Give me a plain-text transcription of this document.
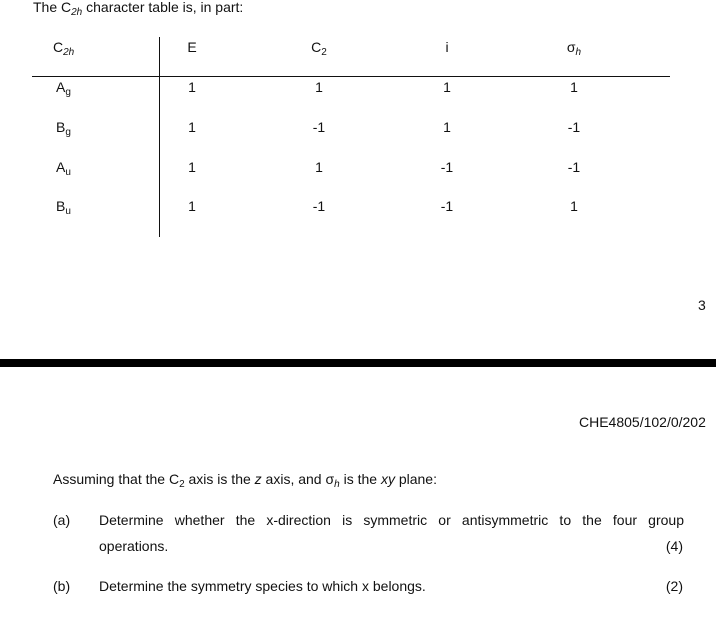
The $C_{2h}$ character table is, in part:
$C_{2h}$	E	$C_2$	i	$\sigma_h$
$A_g$	1	1	1	1
$B_g$	1	-1	1	-1
$A_u$	1	1	-1	-1
$B_u$	1	-1	-1	1
3
CHE4805/102/0/202
Assuming that the $C_2$ axis is the z axis, and $\sigma_h$ is the xy plane:
(a) Determine whether the x-direction is symmetric or antisymmetric to the four group
operations.	(4)
(b) Determine the symmetry species to which x belongs.	(2)
